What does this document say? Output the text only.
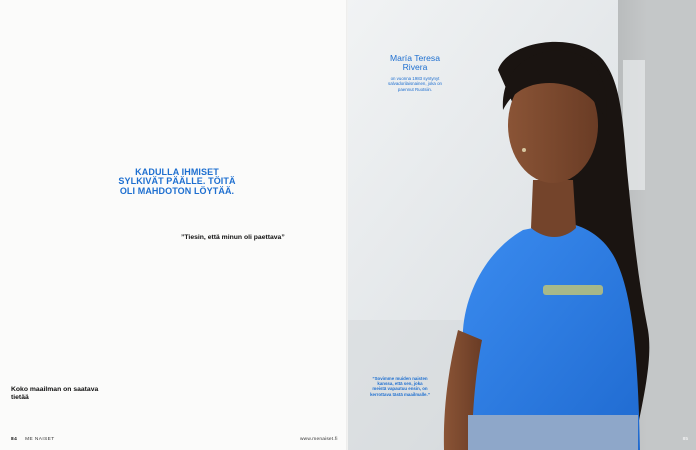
KADULLA IHMISET SYLKIVÄT PÄÄLLE. TÖITÄ OLI MAHDOTON LÖYTÄÄ.
Koko maailman on saatava tietää
”Tiesin, että minun oli paettava”
84 ME NAISET	www.menaiset.fi
María Teresa Rivera
on vuonna 1983 syntynyt salvadorilaisnainen, joka on paennut Ruotsiin.
”Sovimme muiden naisten kanssa, että sen, joka meistä vapautuu ensin, on kerrottava tästä maailmalle.”
85
